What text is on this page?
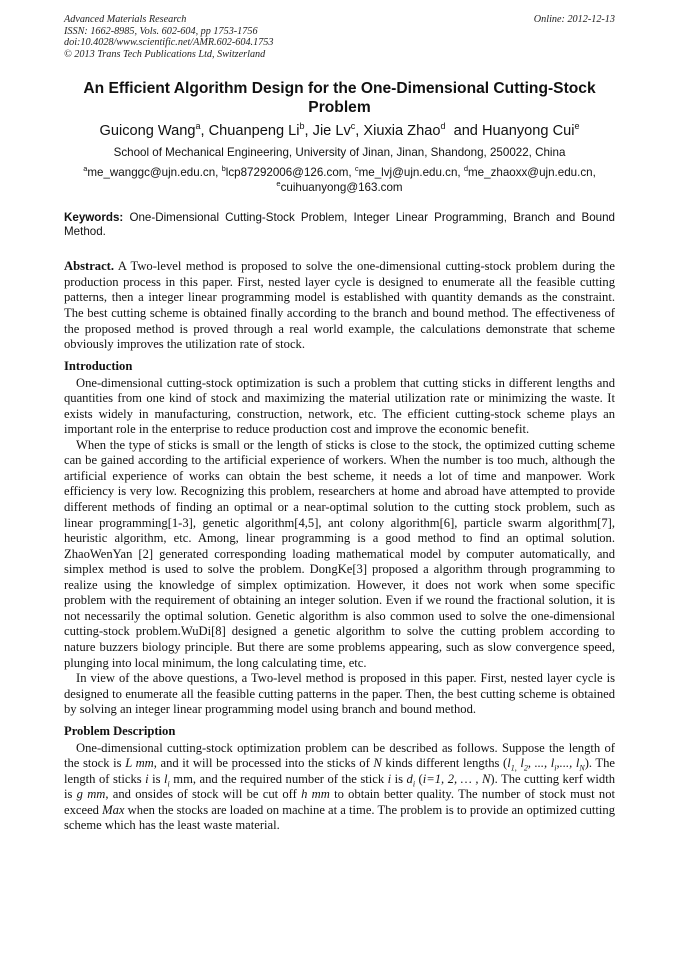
Advanced Materials Research	Online: 2012-12-13
ISSN: 1662-8985, Vols. 602-604, pp 1753-1756
doi:10.4028/www.scientific.net/AMR.602-604.1753
© 2013 Trans Tech Publications Ltd, Switzerland
An Efficient Algorithm Design for the One-Dimensional Cutting-Stock Problem
Guicong Wang$^a$, Chuanpeng Li$^b$, Jie Lv$^c$, Xiuxia Zhao$^d$  and Huanyong Cui$^e$
School of Mechanical Engineering, University of Jinan, Jinan, Shandong, 250022, China
$^a$me_wanggc@ujn.edu.cn, $^b$lcp87292006@126.com, $^c$me_lvj@ujn.edu.cn, $^d$me_zhaoxx@ujn.edu.cn,
$^e$cuihuanyong@163.com
Keywords: One-Dimensional Cutting-Stock Problem, Integer Linear Programming, Branch and Bound Method.
Abstract. A Two-level method is proposed to solve the one-dimensional cutting-stock problem during the production process in this paper. First, nested layer cycle is designed to enumerate all the feasible cutting patterns, then a integer linear programming model is established with quantity demands as the constraint. The best cutting scheme is obtained finally according to the branch and bound method. The effectiveness of the proposed method is proved through a real world example, the calculations demonstrate that scheme obviously improves the utilization rate of stock.
Introduction

One-dimensional cutting-stock optimization is such a problem that cutting sticks in different lengths and quantities from one kind of stock and maximizing the material utilization rate or minimizing the waste. It exists widely in manufacturing, construction, network, etc. The efficient cutting-stock scheme plays an important role in the enterprise to reduce production cost and improve the economic benefit.

When the type of sticks is small or the length of sticks is close to the stock, the optimized cutting scheme can be gained according to the artificial experience of workers. When the number is too much, although the artificial experience of works can obtain the best scheme, it needs a lot of time and manpower. Work efficiency is very low. Recognizing this problem, researchers at home and abroad have attempted to provide different methods of finding an optimal or a near-optimal solution to the cutting stock problem, such as linear programming[1-3], genetic algorithm[4,5], ant colony algorithm[6], particle swarm algorithm[7], heuristic algorithm, etc. Among, linear programming is a good method to find an optimal solution. ZhaoWenYan [2] generated corresponding loading mathematical model by computer automatically, and simplex method is used to solve the problem. DongKe[3] proposed a algorithm through programming to realize using the knowledge of simplex optimization. However, it does not work when some specific problem with the requirement of obtaining an integer solution. Even if we round the fractional solution, it is not necessarily the optimal solution. Genetic algorithm is also common used to solve the one-dimensional cutting-stock problem.WuDi[8] designed a genetic algorithm to solve the cutting problem according to nature buzzers biology principle. But there are some problems appearing, such as slow convergence speed, plunging into local minimum, the long calculating time, etc.

In view of the above questions, a Two-level method is proposed in this paper. First, nested layer cycle is designed to enumerate all the feasible cutting patterns in the paper. Then, the best cutting scheme is obtained by solving an integer linear programming model using branch and bound method.

Problem Description

One-dimensional cutting-stock optimization problem can be described as follows. Suppose the length of the stock is L mm, and it will be processed into the sticks of N kinds different lengths ($l_{1,}$ $l_2$, ..., $l_i$,..., $l_N$). The length of sticks i is $l_i$ mm, and the required number of the stick i is $d_i$ (i=1, 2, … , N). The cutting kerf width is g mm, and onsides of stock will be cut off h mm to obtain better quality. The number of stock must not exceed Max when the stocks are loaded on machine at a time. The problem is to provide an optimized cutting scheme which has the least waste material.
